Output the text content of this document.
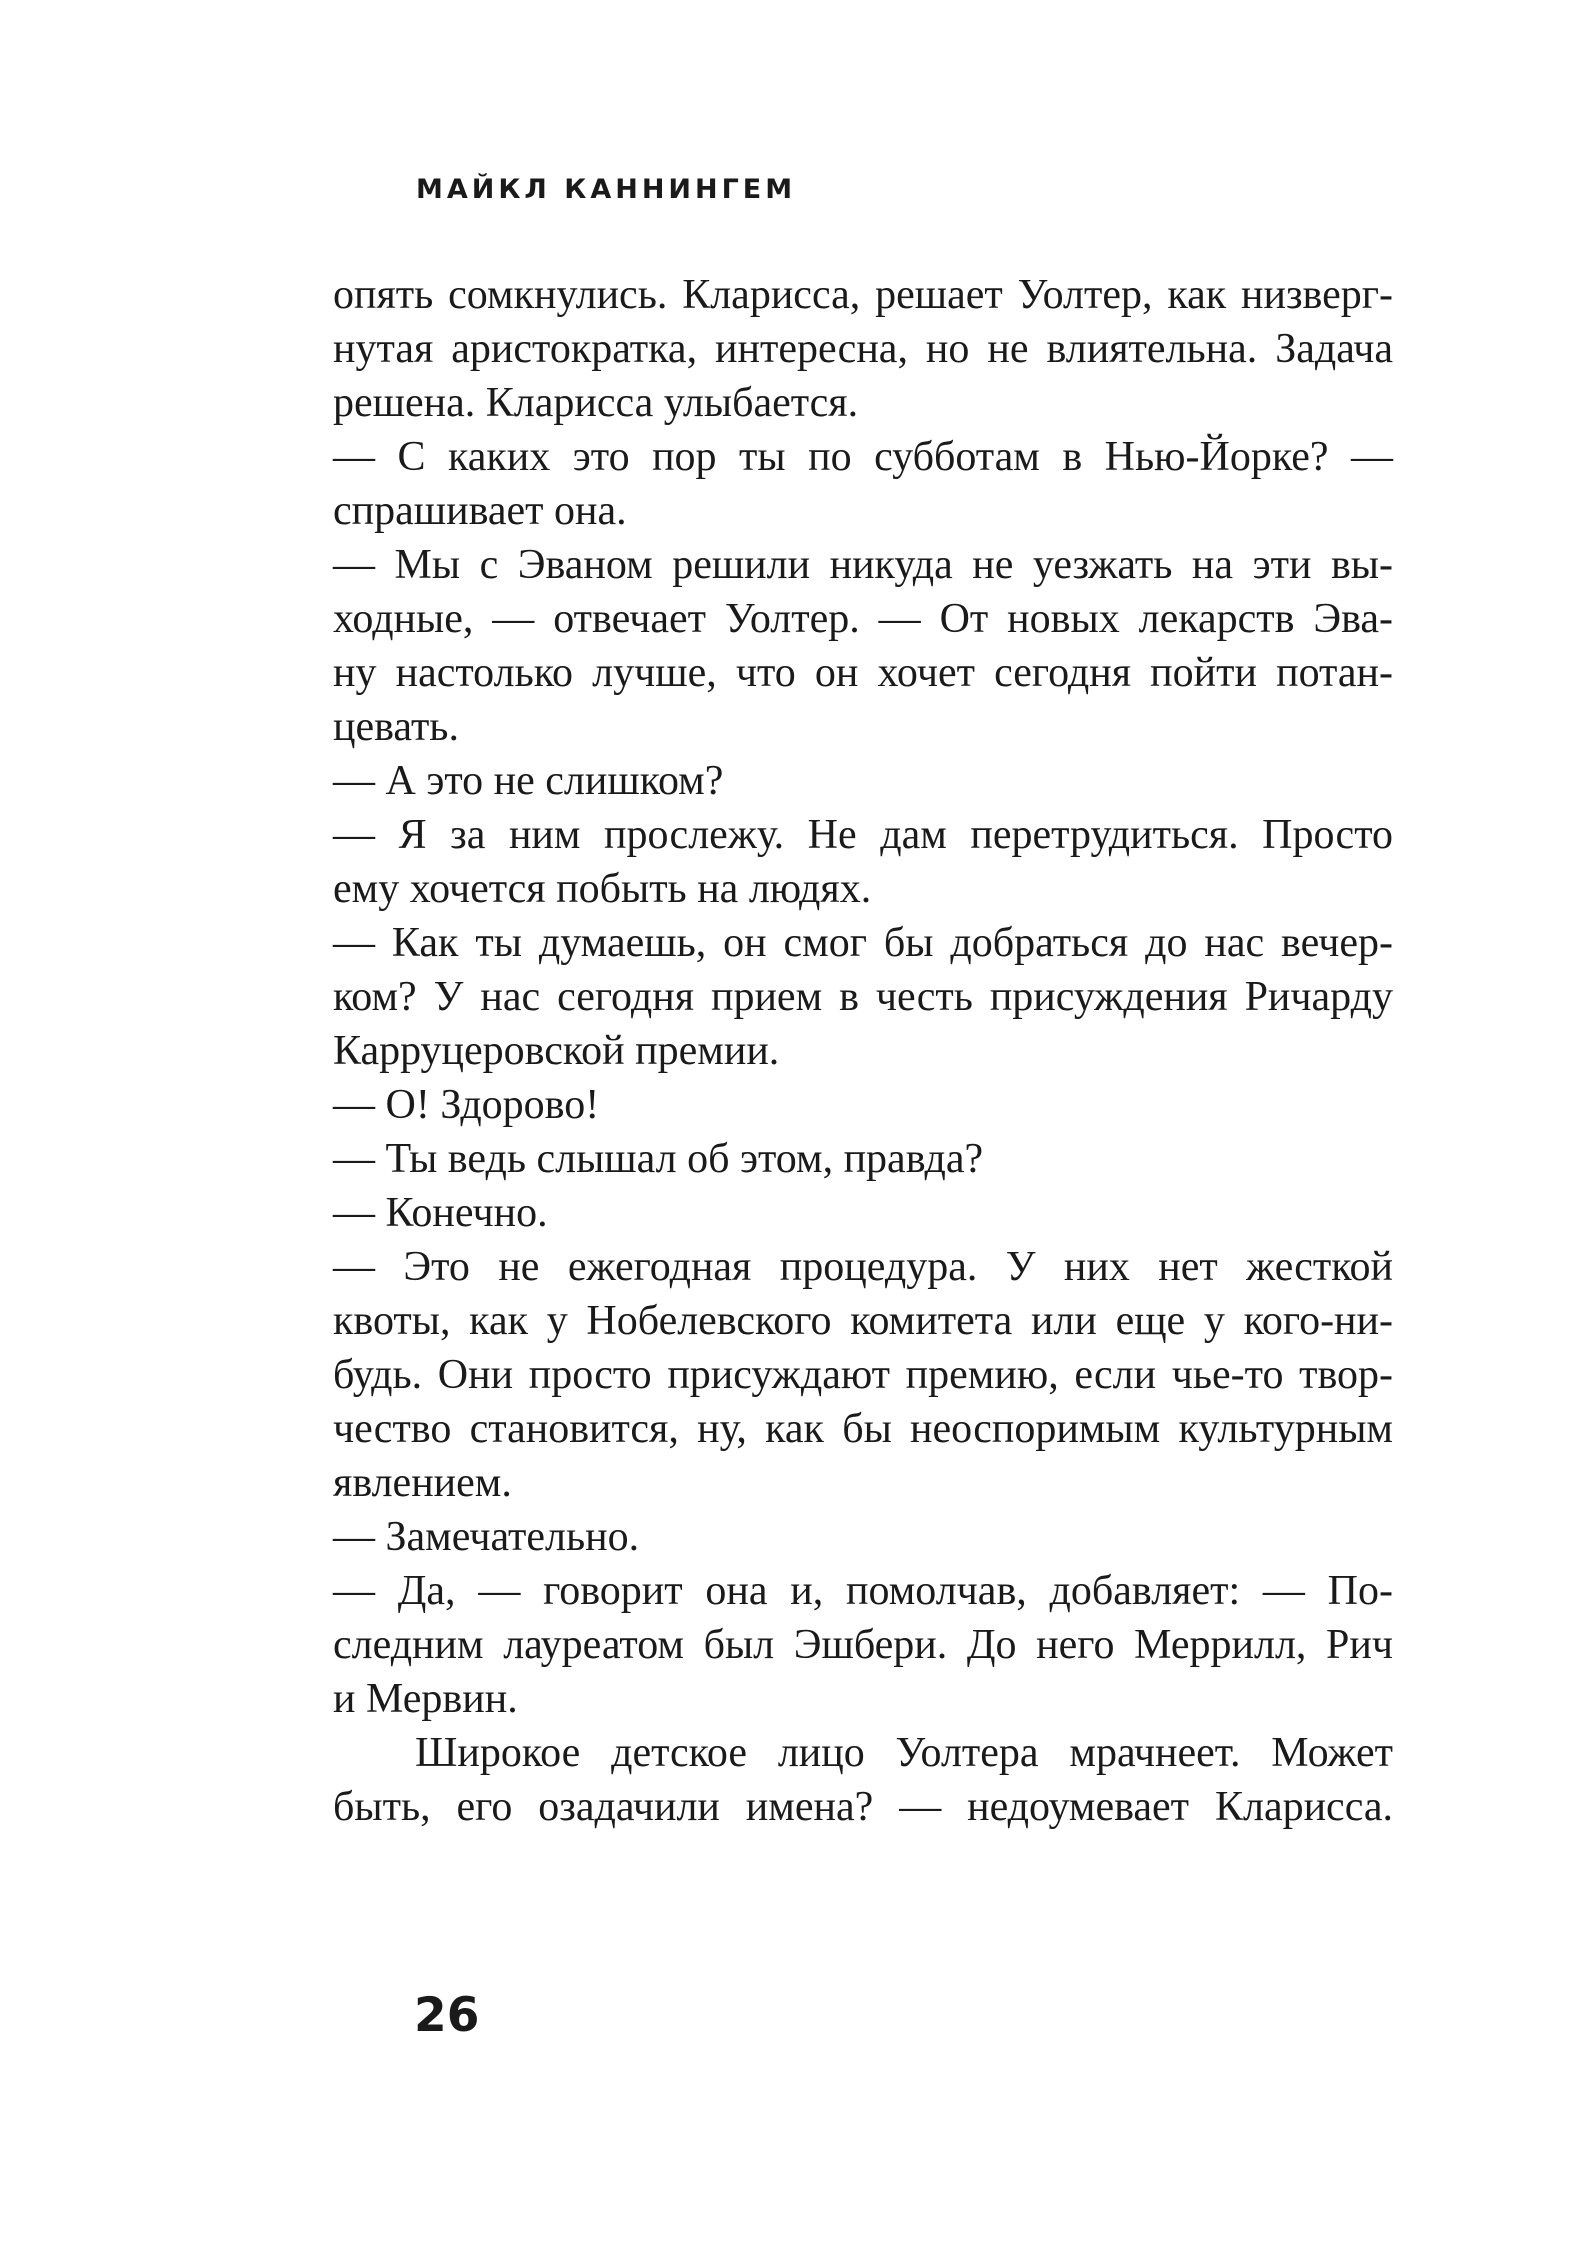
МАЙКЛ КАННИНГЕМ
опять сомкнулись. Кларисса, решает Уолтер, как низверг-
нутая аристократка, интересна, но не влиятельна. Задача
решена. Кларисса улыбается.
— С каких это пор ты по субботам в Нью-Йорке? —
спрашивает она.
— Мы с Эваном решили никуда не уезжать на эти вы-
ходные, — отвечает Уолтер. — От новых лекарств Эва-
ну настолько лучше, что он хочет сегодня пойти потан-
цевать.
— А это не слишком?
— Я за ним прослежу. Не дам перетрудиться. Просто
ему хочется побыть на людях.
— Как ты думаешь, он смог бы добраться до нас вечер-
ком? У нас сегодня прием в честь присуждения Ричарду
Карруцеровской премии.
— О! Здорово!
— Ты ведь слышал об этом, правда?
— Конечно.
— Это не ежегодная процедура. У них нет жесткой
квоты, как у Нобелевского комитета или еще у кого-ни-
будь. Они просто присуждают премию, если чье-то твор-
чество становится, ну, как бы неоспоримым культурным
явлением.
— Замечательно.
— Да, — говорит она и, помолчав, добавляет: — По-
следним лауреатом был Эшбери. До него Меррилл, Рич
и Мервин.
Широкое детское лицо Уолтера мрачнеет. Может
быть, его озадачили имена? — недоумевает Кларисса.
26
